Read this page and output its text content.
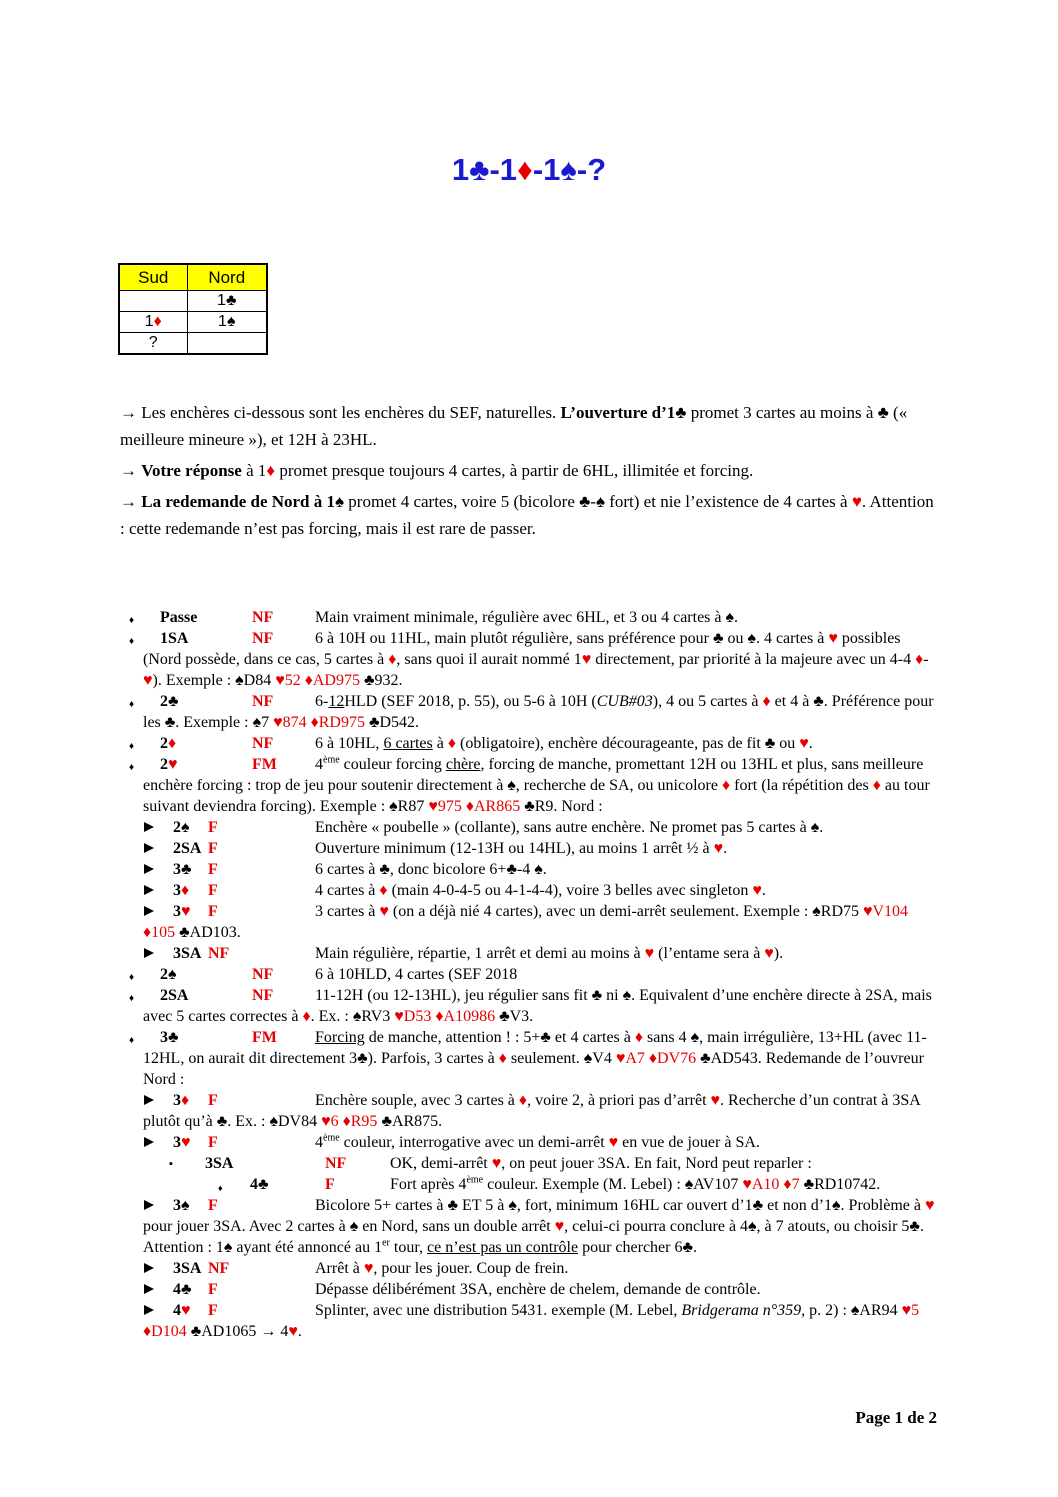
1♣-1♦-1♠-?
Sud	Nord
	1♣
1♦	1♠
?	

→ Les enchères ci-dessous sont les enchères du SEF, naturelles. L’ouverture d’1♣ promet 3 cartes au moins à ♣ (« meilleure mineure »), et 12H à 23HL.

→ Votre réponse à 1♦ promet presque toujours 4 cartes, à partir de 6HL, illimitée et forcing.

→ La redemande de Nord à 1♠ promet 4 cartes, voire 5 (bicolore ♣-♠ fort) et nie l’existence de 4 cartes à ♥. Attention : cette redemande n’est pas forcing, mais il est rare de passer.

♦ Passe	NF	Main vraiment minimale, régulière avec 6HL, et 3 ou 4 cartes à ♠.
♦ 1SA	NF	6 à 10H ou 11HL, main plutôt régulière, sans préférence pour ♣ ou ♠. 4 cartes à ♥ possibles (Nord possède, dans ce cas, 5 cartes à ♦, sans quoi il aurait nommé 1♥ directement, par priorité à la majeure avec un 4-4 ♦-♥). Exemple : ♠D84 ♥52 ♦AD975 ♣932.
♦ 2♣	NF	6-12HLD (SEF 2018, p. 55), ou 5-6 à 10H (CUB#03), 4 ou 5 cartes à ♦ et 4 à ♣. Préférence pour les ♣. Exemple : ♠7 ♥874 ♦RD975 ♣D542.
♦ 2♦	NF	6 à 10HL, 6 cartes à ♦ (obligatoire), enchère décourageante, pas de fit ♣ ou ♥.
♦ 2♥	FM 4ème couleur forcing chère, forcing de manche, promettant 12H ou 13HL et plus, sans meilleure enchère forcing : trop de jeu pour soutenir directement à ♠, recherche de SA, ou unicolore ♦ fort (la répétition des ♦ au tour suivant deviendra forcing). Exemple : ♠R87 ♥975 ♦AR865 ♣R9. Nord :
2♠ F	Enchère « poubelle » (collante), sans autre enchère. Ne promet pas 5 cartes à ♠.
2SA F	Ouverture minimum (12-13H ou 14HL), au moins 1 arrêt ½ à ♥.
3♣ F	6 cartes à ♣, donc bicolore 6+♣-4 ♠.
3♦ F	4 cartes à ♦ (main 4-0-4-5 ou 4-1-4-4), voire 3 belles avec singleton ♥.
3♥ F	3 cartes à ♥ (on a déjà nié 4 cartes), avec un demi-arrêt seulement. Exemple : ♠RD75 ♥V104 ♦105 ♣AD103.
3SA NF	Main régulière, répartie, 1 arrêt et demi au moins à ♥ (l’entame sera à ♥).
♦ 2♠	NF	6 à 10HLD, 4 cartes (SEF 2018
♦ 2SA	NF	11-12H (ou 12-13HL), jeu régulier sans fit ♣ ni ♠. Equivalent d’une enchère directe à 2SA, mais avec 5 cartes correctes à ♦. Ex. : ♠RV3 ♥D53 ♦A10986 ♣V3.
♦ 3♣	FM Forcing de manche, attention ! : 5+♣ et 4 cartes à ♦ sans 4 ♠, main irrégulière, 13+HL (avec 11-12HL, on aurait dit directement 3♣). Parfois, 3 cartes à ♦ seulement. ♠V4 ♥A7 ♦DV76 ♣AD543. Redemande de l’ouvreur Nord :
3♦ F	Enchère souple, avec 3 cartes à ♦, voire 2, à priori pas d’arrêt ♥. Recherche d’un contrat à 3SA plutôt qu’à ♣. Ex. : ♠DV84 ♥6 ♦R95 ♣AR875.
3♥ F	4ème couleur, interrogative avec un demi-arrêt ♥ en vue de jouer à SA.
▪ 3SA	NF	OK, demi-arrêt ♥, on peut jouer 3SA. En fait, Nord peut reparler :
♦ 4♣	F	Fort après 4ème couleur. Exemple (M. Lebel) : ♠AV107 ♥A10 ♦7 ♣RD10742.
3♠ F	Bicolore 5+ cartes à ♣ ET 5 à ♠, fort, minimum 16HL car ouvert d’1♣ et non d’1♠. Problème à ♥ pour jouer 3SA. Avec 2 cartes à ♠ en Nord, sans un double arrêt ♥, celui-ci pourra conclure à 4♠, à 7 atouts, ou choisir 5♣. Attention : 1♠ ayant été annoncé au 1er tour, ce n’est pas un contrôle pour chercher 6♣.
3SA NF	Arrêt à ♥, pour les jouer. Coup de frein.
4♣ F	Dépasse délibérément 3SA, enchère de chelem, demande de contrôle.
4♥ F	Splinter, avec une distribution 5431. exemple (M. Lebel, Bridgerama n°359, p. 2) : ♠AR94 ♥5 ♦D104 ♣AD1065 → 4♥.
Page 1 de 2
